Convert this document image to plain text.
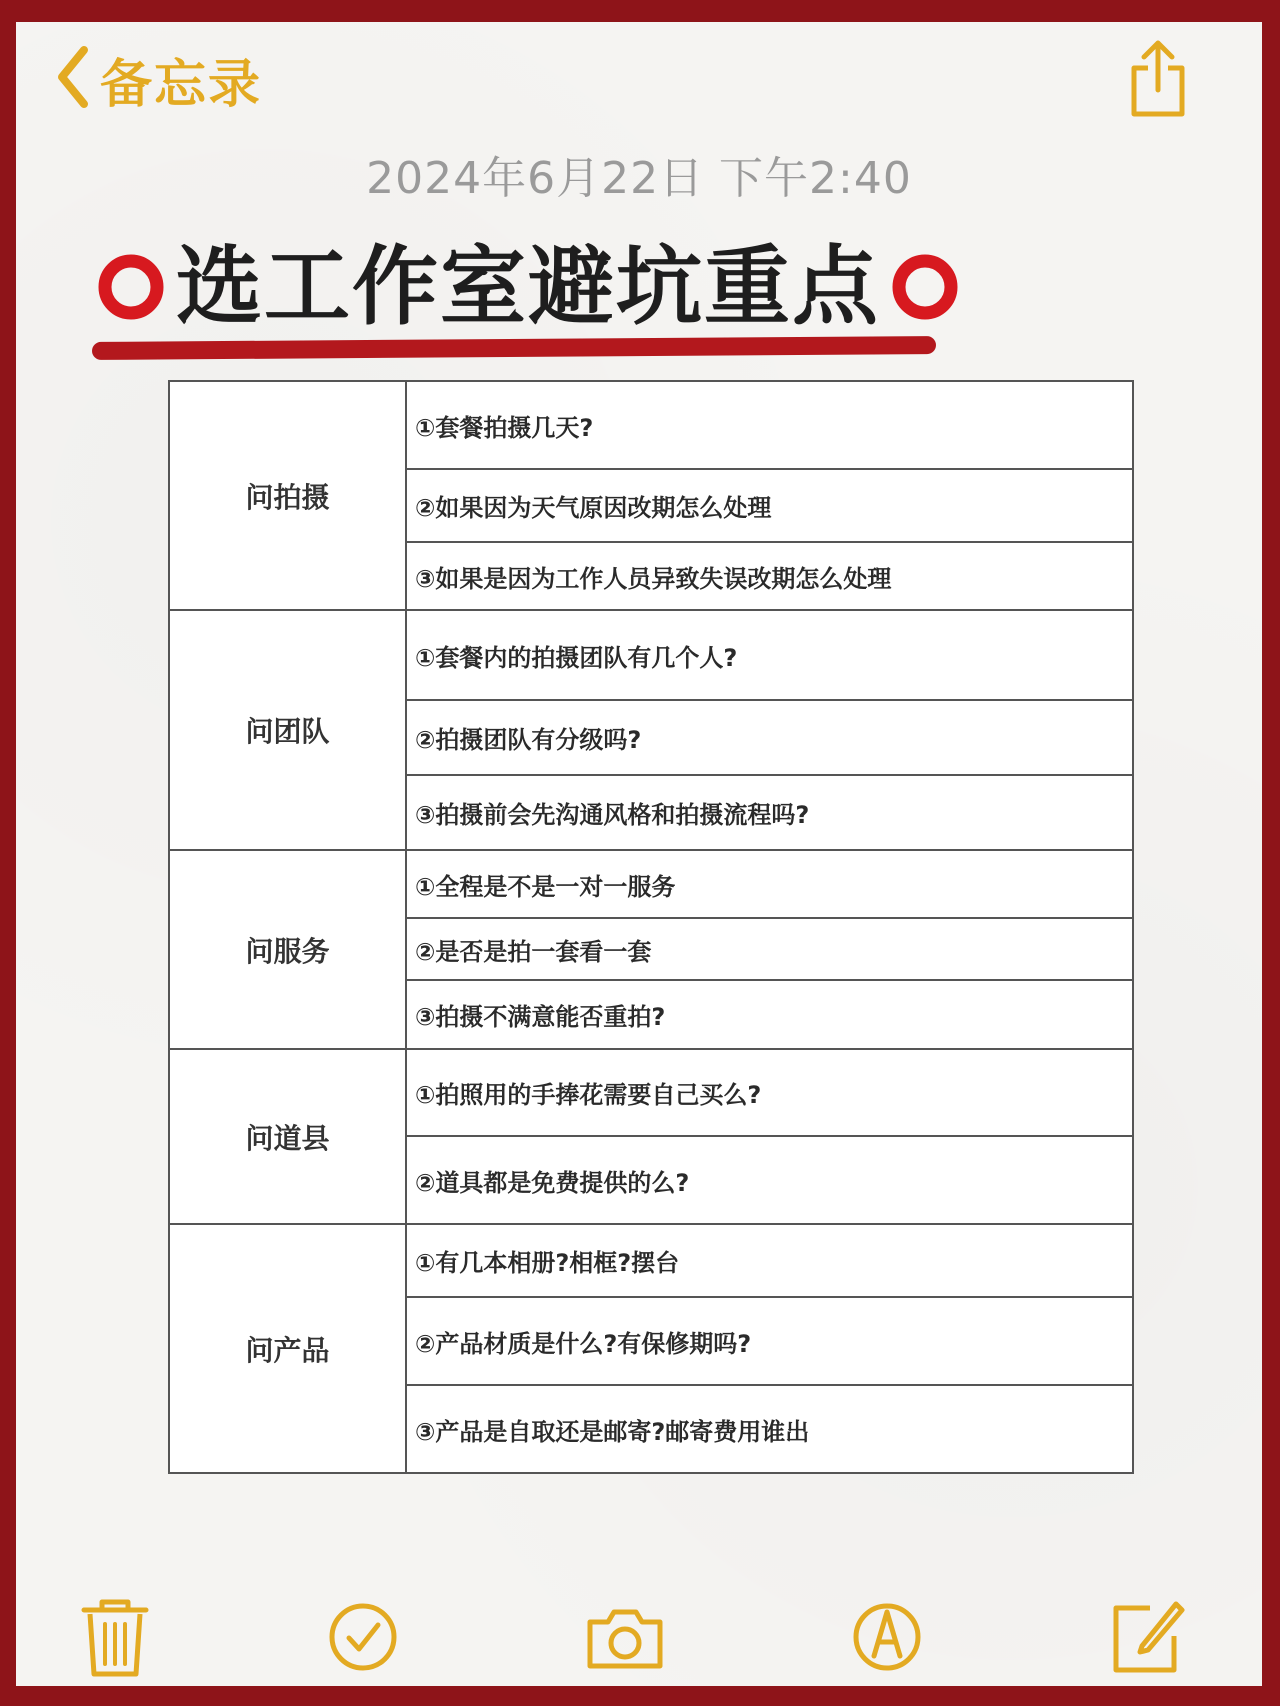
备忘录
2024年6月22日 下午2:40
选工作室避坑重点
问拍摄	①套餐拍摄几天?
	②如果因为天气原因改期怎么处理
	③如果是因为工作人员异致失误改期怎么处理
问团队	①套餐内的拍摄团队有几个人?
	②拍摄团队有分级吗?
	③拍摄前会先沟通风格和拍摄流程吗?
问服务	①全程是不是一对一服务
	②是否是拍一套看一套
	③拍摄不满意能否重拍?
问道县	①拍照用的手捧花需要自己买么?
	②道具都是免费提供的么?
问产品	①有几本相册?相框?摆台
	②产品材质是什么?有保修期吗?
	③产品是自取还是邮寄?邮寄费用谁出
